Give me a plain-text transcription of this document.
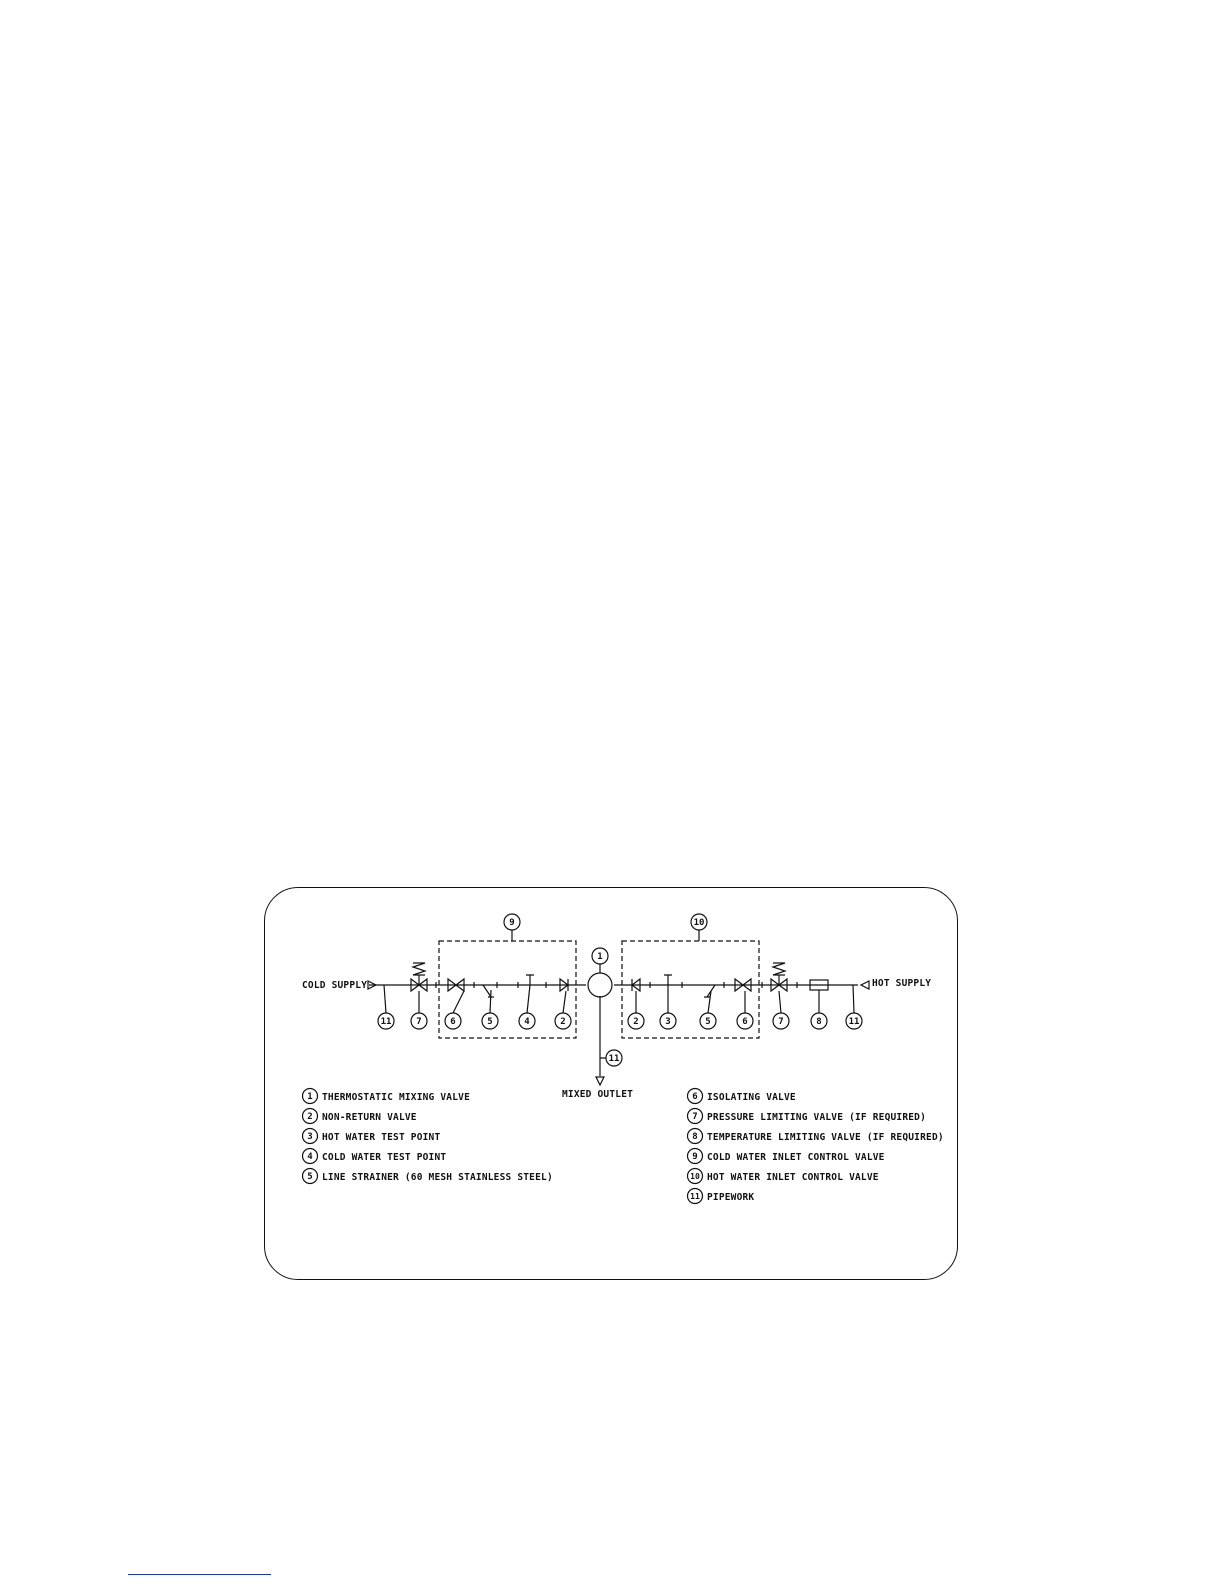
9	10
1
11	7	6	5	4	2	2	3	5	6	7	8	11
11
COLD SUPPLY	HOT SUPPLY
MIXED OUTLET
1 THERMOSTATIC MIXING VALVE
2 NON-RETURN VALVE
3 HOT WATER TEST POINT
4 COLD WATER TEST POINT
5 LINE STRAINER (60 MESH STAINLESS STEEL)
6 ISOLATING VALVE
7 PRESSURE LIMITING VALVE (IF REQUIRED)
8 TEMPERATURE LIMITING VALVE (IF REQUIRED)
9 COLD WATER INLET CONTROL VALVE
10 HOT WATER INLET CONTROL VALVE
11 PIPEWORK
